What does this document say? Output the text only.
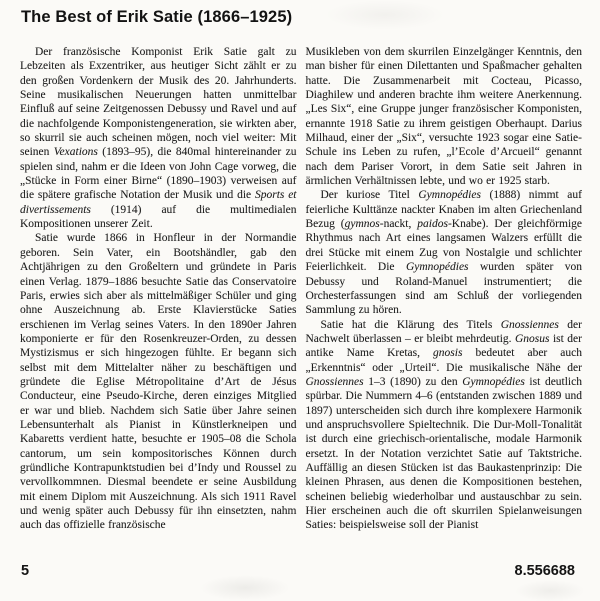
The Best of Erik Satie (1866–1925)

Der französische Komponist Erik Satie galt zu Lebzeiten als Exzentriker, aus heutiger Sicht zählt er zu den großen Vordenkern der Musik des 20. Jahrhunderts. Seine musikalischen Neuerungen hatten unmittelbar Einfluß auf seine Zeitgenossen Debussy und Ravel und auf die nachfolgende Komponistengeneration, sie wirkten aber, so skurril sie auch scheinen mögen, noch viel weiter: Mit seinen Vexations (1893–95), die 840mal hintereinander zu spielen sind, nahm er die Ideen von John Cage vorweg, die „Stücke in Form einer Birne“ (1890–1903) verweisen auf die spätere grafische Notation der Musik und die Sports et divertissements (1914) auf die multimedialen Kompositionen unserer Zeit.

Satie wurde 1866 in Honfleur in der Normandie geboren. Sein Vater, ein Bootshändler, gab den Achtjährigen zu den Großeltern und gründete in Paris einen Verlag. 1879–1886 besuchte Satie das Conservatoire Paris, erwies sich aber als mittelmäßiger Schüler und ging ohne Auszeichnung ab. Erste Klavierstücke Saties erschienen im Verlag seines Vaters. In den 1890er Jahren komponierte er für den Rosenkreuzer-Orden, zu dessen Mystizismus er sich hingezogen fühlte. Er begann sich selbst mit dem Mittelalter näher zu beschäftigen und gründete die Eglise Métropolitaine d’Art de Jésus Conducteur, eine Pseudo-Kirche, deren einziges Mitglied er war und blieb. Nachdem sich Satie über Jahre seinen Lebensunterhalt als Pianist in Künstlerkneipen und Kabaretts verdient hatte, besuchte er 1905–08 die Schola cantorum, um sein kompositorisches Können durch gründliche Kontrapunktstudien bei d’Indy und Roussel zu vervollkommnen. Diesmal beendete er seine Ausbildung mit einem Diplom mit Auszeichnung. Als sich 1911 Ravel und wenig später auch Debussy für ihn einsetzten, nahm auch das offizielle französische

Musikleben von dem skurrilen Einzelgänger Kenntnis, den man bisher für einen Dilettanten und Spaßmacher gehalten hatte. Die Zusammenarbeit mit Cocteau, Picasso, Diaghilew und anderen brachte ihm weitere Anerkennung. „Les Six“, eine Gruppe junger französischer Komponisten, ernannte 1918 Satie zu ihrem geistigen Oberhaupt. Darius Milhaud, einer der „Six“, versuchte 1923 sogar eine Satie-Schule ins Leben zu rufen, „l’Ecole d’Arcueil“ genannt nach dem Pariser Vorort, in dem Satie seit Jahren in ärmlichen Verhältnissen lebte, und wo er 1925 starb.

Der kuriose Titel Gymnopédies (1888) nimmt auf feierliche Kulttänze nackter Knaben im alten Griechenland Bezug (gymnos-nackt, paidos-Knabe). Der gleichförmige Rhythmus nach Art eines langsamen Walzers erfüllt die drei Stücke mit einem Zug von Nostalgie und schlichter Feierlichkeit. Die Gymnopédies wurden später von Debussy und Roland-Manuel instrumentiert; die Orchesterfassungen sind am Schluß der vorliegenden Sammlung zu hören.

Satie hat die Klärung des Titels Gnossiennes der Nachwelt überlassen – er bleibt mehrdeutig. Gnosus ist der antike Name Kretas, gnosis bedeutet aber auch „Erkenntnis“ oder „Urteil“. Die musikalische Nähe der Gnossiennes 1–3 (1890) zu den Gymnopédies ist deutlich spürbar. Die Nummern 4–6 (entstanden zwischen 1889 und 1897) unterscheiden sich durch ihre komplexere Harmonik und anspruchsvollere Spieltechnik. Die Dur-Moll-Tonalität ist durch eine griechisch-orientalische, modale Harmonik ersetzt. In der Notation verzichtet Satie auf Taktstriche. Auffällig an diesen Stücken ist das Baukastenprinzip: Die kleinen Phrasen, aus denen die Kompositionen bestehen, scheinen beliebig wiederholbar und austauschbar zu sein. Hier erscheinen auch die oft skurrilen Spielanweisungen Saties: beispielsweise soll der Pianist

5	8.556688
